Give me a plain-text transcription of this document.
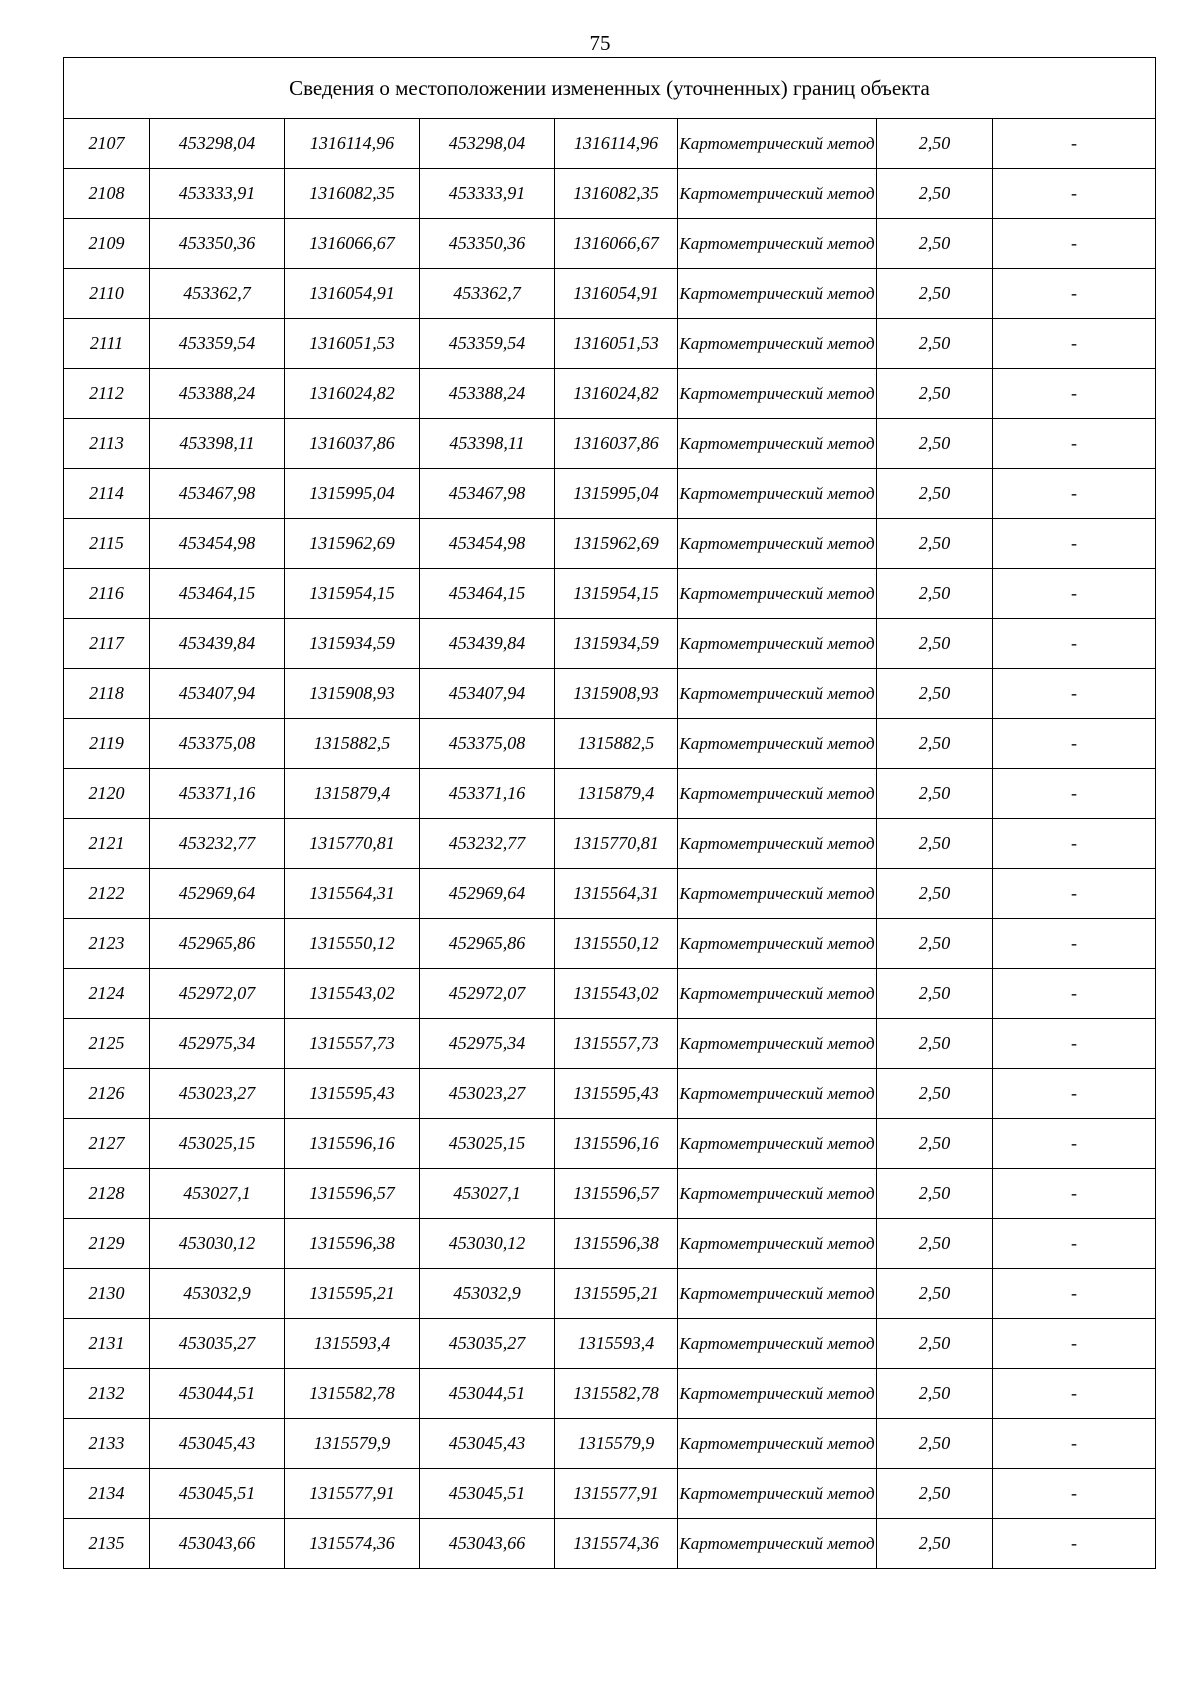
75
Сведения о местоположении измененных (уточненных) границ объекта							
2107	453298,04	1316114,96	453298,04	1316114,96	Картометрический метод	2,50	-
2108	453333,91	1316082,35	453333,91	1316082,35	Картометрический метод	2,50	-
2109	453350,36	1316066,67	453350,36	1316066,67	Картометрический метод	2,50	-
2110	453362,7	1316054,91	453362,7	1316054,91	Картометрический метод	2,50	-
2111	453359,54	1316051,53	453359,54	1316051,53	Картометрический метод	2,50	-
2112	453388,24	1316024,82	453388,24	1316024,82	Картометрический метод	2,50	-
2113	453398,11	1316037,86	453398,11	1316037,86	Картометрический метод	2,50	-
2114	453467,98	1315995,04	453467,98	1315995,04	Картометрический метод	2,50	-
2115	453454,98	1315962,69	453454,98	1315962,69	Картометрический метод	2,50	-
2116	453464,15	1315954,15	453464,15	1315954,15	Картометрический метод	2,50	-
2117	453439,84	1315934,59	453439,84	1315934,59	Картометрический метод	2,50	-
2118	453407,94	1315908,93	453407,94	1315908,93	Картометрический метод	2,50	-
2119	453375,08	1315882,5	453375,08	1315882,5	Картометрический метод	2,50	-
2120	453371,16	1315879,4	453371,16	1315879,4	Картометрический метод	2,50	-
2121	453232,77	1315770,81	453232,77	1315770,81	Картометрический метод	2,50	-
2122	452969,64	1315564,31	452969,64	1315564,31	Картометрический метод	2,50	-
2123	452965,86	1315550,12	452965,86	1315550,12	Картометрический метод	2,50	-
2124	452972,07	1315543,02	452972,07	1315543,02	Картометрический метод	2,50	-
2125	452975,34	1315557,73	452975,34	1315557,73	Картометрический метод	2,50	-
2126	453023,27	1315595,43	453023,27	1315595,43	Картометрический метод	2,50	-
2127	453025,15	1315596,16	453025,15	1315596,16	Картометрический метод	2,50	-
2128	453027,1	1315596,57	453027,1	1315596,57	Картометрический метод	2,50	-
2129	453030,12	1315596,38	453030,12	1315596,38	Картометрический метод	2,50	-
2130	453032,9	1315595,21	453032,9	1315595,21	Картометрический метод	2,50	-
2131	453035,27	1315593,4	453035,27	1315593,4	Картометрический метод	2,50	-
2132	453044,51	1315582,78	453044,51	1315582,78	Картометрический метод	2,50	-
2133	453045,43	1315579,9	453045,43	1315579,9	Картометрический метод	2,50	-
2134	453045,51	1315577,91	453045,51	1315577,91	Картометрический метод	2,50	-
2135	453043,66	1315574,36	453043,66	1315574,36	Картометрический метод	2,50	-
